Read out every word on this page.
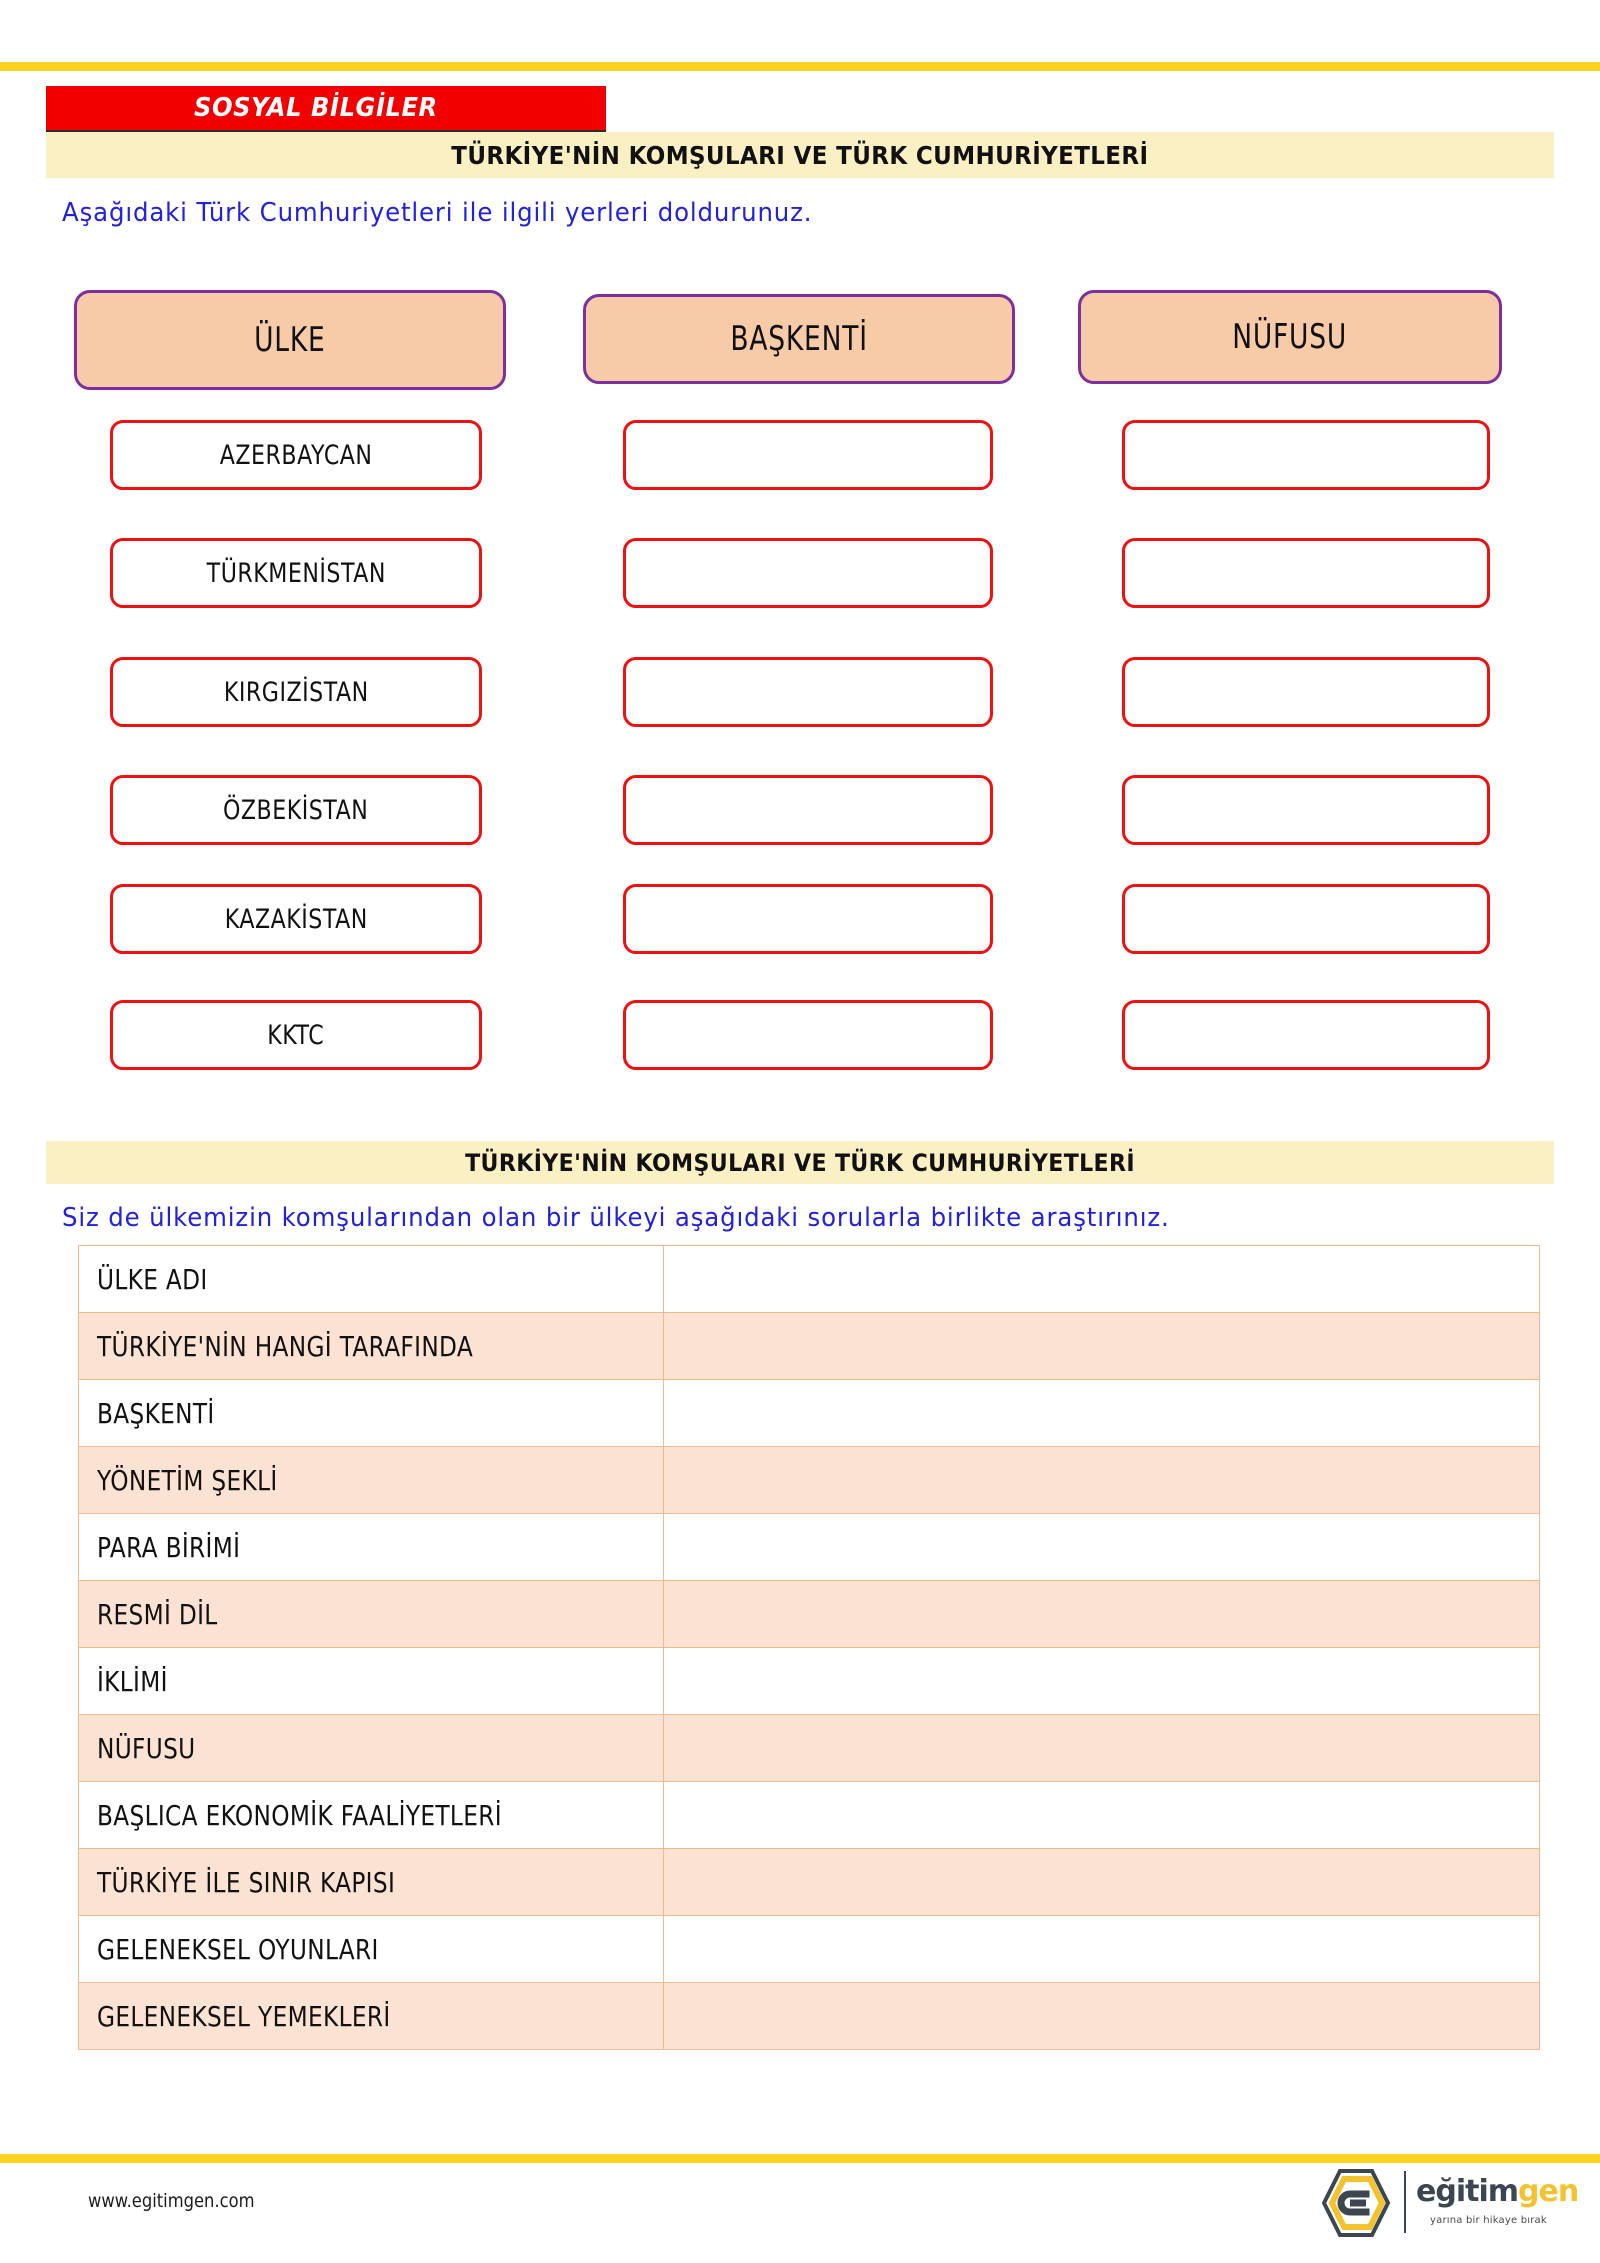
SOSYAL BİLGİLER
TÜRKİYE'NİN KOMŞULARI VE TÜRK CUMHURİYETLERİ
Aşağıdaki Türk Cumhuriyetleri ile ilgili yerleri doldurunuz.
ÜLKE	BAŞKENTİ	NÜFUSU
AZERBAYCAN
TÜRKMENİSTAN
KIRGIZİSTAN
ÖZBEKİSTAN
KAZAKİSTAN
KKTC
TÜRKİYE'NİN KOMŞULARI VE TÜRK CUMHURİYETLERİ
Siz de ülkemizin komşularından olan bir ülkeyi aşağıdaki sorularla birlikte araştırınız.
ÜLKE ADI	
TÜRKİYE'NİN HANGİ TARAFINDA	
BAŞKENTİ	
YÖNETİM ŞEKLİ	
PARA BİRİMİ	
RESMİ DİL	
İKLİMİ	
NÜFUSU	
BAŞLICA EKONOMİK FAALİYETLERİ	
TÜRKİYE İLE SINIR KAPISI	
GELENEKSEL OYUNLARI	
GELENEKSEL YEMEKLERİ	
www.egitimgen.com	eğitimgen
yarına bir hikaye bırak
